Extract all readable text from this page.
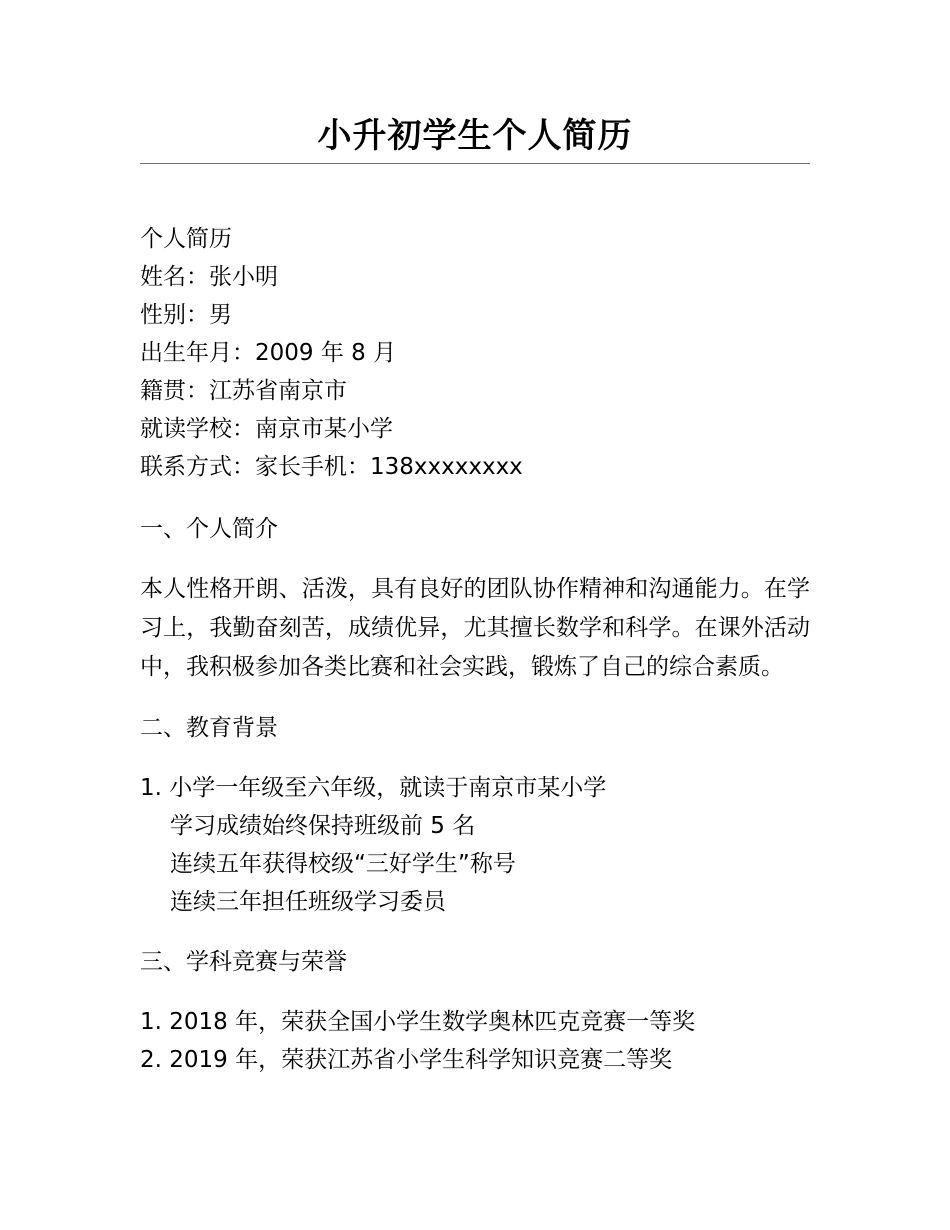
小升初学生个人简历
个人简历
姓名：张小明
性别：男
出生年月：2009 年 8 月
籍贯：江苏省南京市
就读学校：南京市某小学
联系方式：家长手机：138xxxxxxxx
一、个人简介
本人性格开朗、活泼，具有良好的团队协作精神和沟通能力。在学习上，我勤奋刻苦，成绩优异，尤其擅长数学和科学。在课外活动中，我积极参加各类比赛和社会实践，锻炼了自己的综合素质。
二、教育背景
1. 小学一年级至六年级，就读于南京市某小学
学习成绩始终保持班级前 5 名
连续五年获得校级“三好学生”称号
连续三年担任班级学习委员
三、学科竞赛与荣誉
1. 2018 年，荣获全国小学生数学奥林匹克竞赛一等奖
2. 2019 年，荣获江苏省小学生科学知识竞赛二等奖
